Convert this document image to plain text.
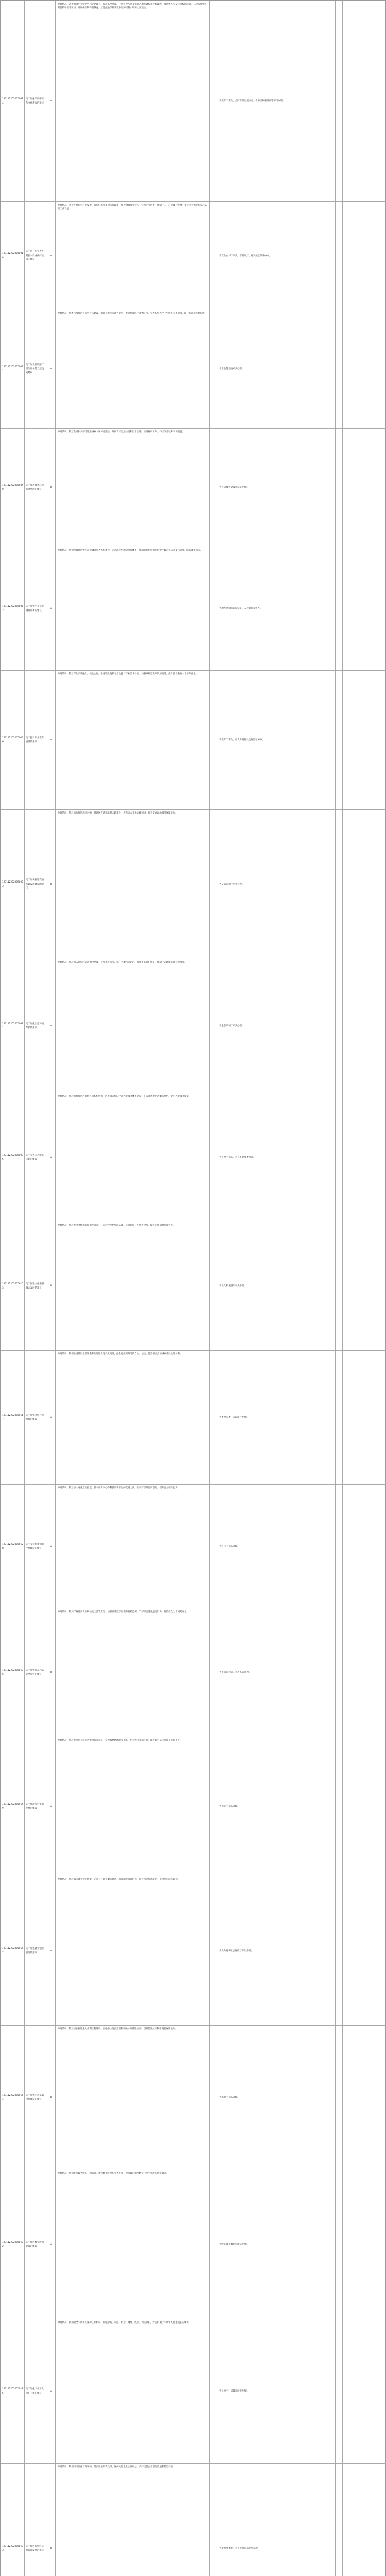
1231122020050014	关于加强学校中医药文化教育的建议	A	办理情况：关于加强中小学中医药文化教育，我厅高度重视。一是将中医药文化纳入地方课程和校本课程，推动中医药文化进校园活动。二是依托中医药院校和医疗机构，开展中医药科普教育。三是鼓励学校开设中医药兴趣小组和社团活动。		省教育厅牵头，会同省卫生健康委、省中医药管理局等部门办理。				
1231122020050018	关于进一步完善乡村振兴产业扶持政策的建议	A	办理情况：针对乡村振兴产业发展，我厅已出台多项扶持政策，加大财政资金投入，完善产业链条，推动一二三产业融合发展，支持特色农业和农产品加工业发展。		省农业农村厅牵头，省财政厅、省发展改革委协办。				
1231122020050031	关于加大县域医疗卫生服务能力建设的建议	A	办理情况：我委持续推进县域医共体建设，加强县级医院能力提升，推动优质医疗资源下沉，完善基层医疗卫生服务体系建设，提升群众就医获得感。		省卫生健康委牵头办理。				
1231122020050040	关于推进城乡环境综合整治的建议	B	办理情况：我厅会同相关部门推进城乡人居环境整治，开展农村生活垃圾和污水治理，推进厕所革命，持续改善城乡环境面貌。		省住房城乡建设厅牵头办理。				
1231122020050052	关于加强中小企业融资服务的建议	A	办理情况：我们积极推进中小企业融资服务体系建设，完善政府性融资担保体系，推动银行机构加大对中小微企业信贷支持力度，降低融资成本。		省地方金融监管局牵头，人民银行等协办。				
1231122020050066	关于提升职业教育质量的建议	A	办理情况：我厅深化产教融合、校企合作，推进职业院校专业设置与产业需求对接，加强双师型教师队伍建设，提升职业教育人才培养质量。		省教育厅牵头，省人力资源社会保障厅协办。				
1231122020050073	关于加快推进交通基础设施建设的建议	B	办理情况：我厅加快推进高速公路、普通国省道和农村公路建设，完善综合交通运输网络，提升交通运输服务保障能力。		省交通运输厅牵头办理。				
1231122020050081	关于加强生态环境保护的建议	A	办理情况：我厅深入打好污染防治攻坚战，持续推进大气、水、土壤污染防治，加强生态保护修复，推动生态环境质量持续改善。		省生态环境厅牵头办理。				
1231122020050095	关于完善养老服务体系的建议	A	办理情况：我厅加快推进居家社区机构相协调、医养康养相结合的养老服务体系建设，扩大普惠型养老服务供给，提升养老服务质量。		省民政厅牵头，省卫生健康委协办。				
1231122020050103	关于促进文化旅游融合发展的建议	B	办理情况：我厅推进文化和旅游深度融合，打造特色文化旅游品牌，完善旅游公共服务设施，促进文旅消费提质扩容。		省文化和旅游厅牵头办理。				
1231122020050117	关于加强基层社会治理的建议	A	办理情况：我们推进基层治理体系和治理能力现代化建设，健全党组织领导的自治、法治、德治相结合的城乡基层治理体系。		省委政法委、省民政厅办理。				
1231122020050128	关于支持科技创新平台建设的建议	A	办理情况：我厅加大对重点实验室、技术创新中心等科技创新平台的支持力度，推动产学研协同创新，提升自主创新能力。		省科技厅牵头办理。				
1231122020050136	关于加强食品药品安全监管的建议	B	办理情况：我局严格落实食品药品安全监管责任，加强日常监督检查和抽检监测，严厉打击违法违规行为，保障群众饮食用药安全。		省市场监管局、省药监局办理。				
1231122020050149	关于推动农村电商发展的建议	A	办理情况：我厅推进电子商务进农村综合示范，完善农村物流配送体系，培育农村电商主体，促进农产品上行和工业品下乡。		省商务厅牵头办理。				
1231122020050157	关于加强就业创业服务的建议	A	办理情况：我厅落实就业优先政策，完善公共就业服务体系，加强职业技能培训，扶持创业带动就业，促进重点群体就业。		省人力资源社会保障厅牵头办理。				
1231122020050164	关于加强水利基础设施建设的建议	B	办理情况：我厅加快推进重大水利工程建设，加强中小河流治理和病险水库除险加固，提升防汛抗旱和水资源保障能力。		省水利厅牵头办理。				
1231122020050172	关于推进数字政府建设的建议	A	办理情况：我们推进政务服务一网通办，加强数据共享和业务协同，提升政府治理数字化水平和政务服务效能。		省政务服务数据管理局办理。				
1231122020050185	关于加强未成年人保护工作的建议	A	办理情况：我们健全未成年人保护工作机制，加强学校、家庭、社会、网络、政府、司法保护，营造有利于未成年人健康成长的环境。		省民政厅、省教育厅等办理。				
1231122020050193	关于促进民营经济高质量发展的建议	B	办理情况：我们持续优化营商环境，落实减税降费政策，保护民营企业合法权益，支持民营企业创新发展和转型升级。		省发展改革委、省工业和信息化厅办理。				
